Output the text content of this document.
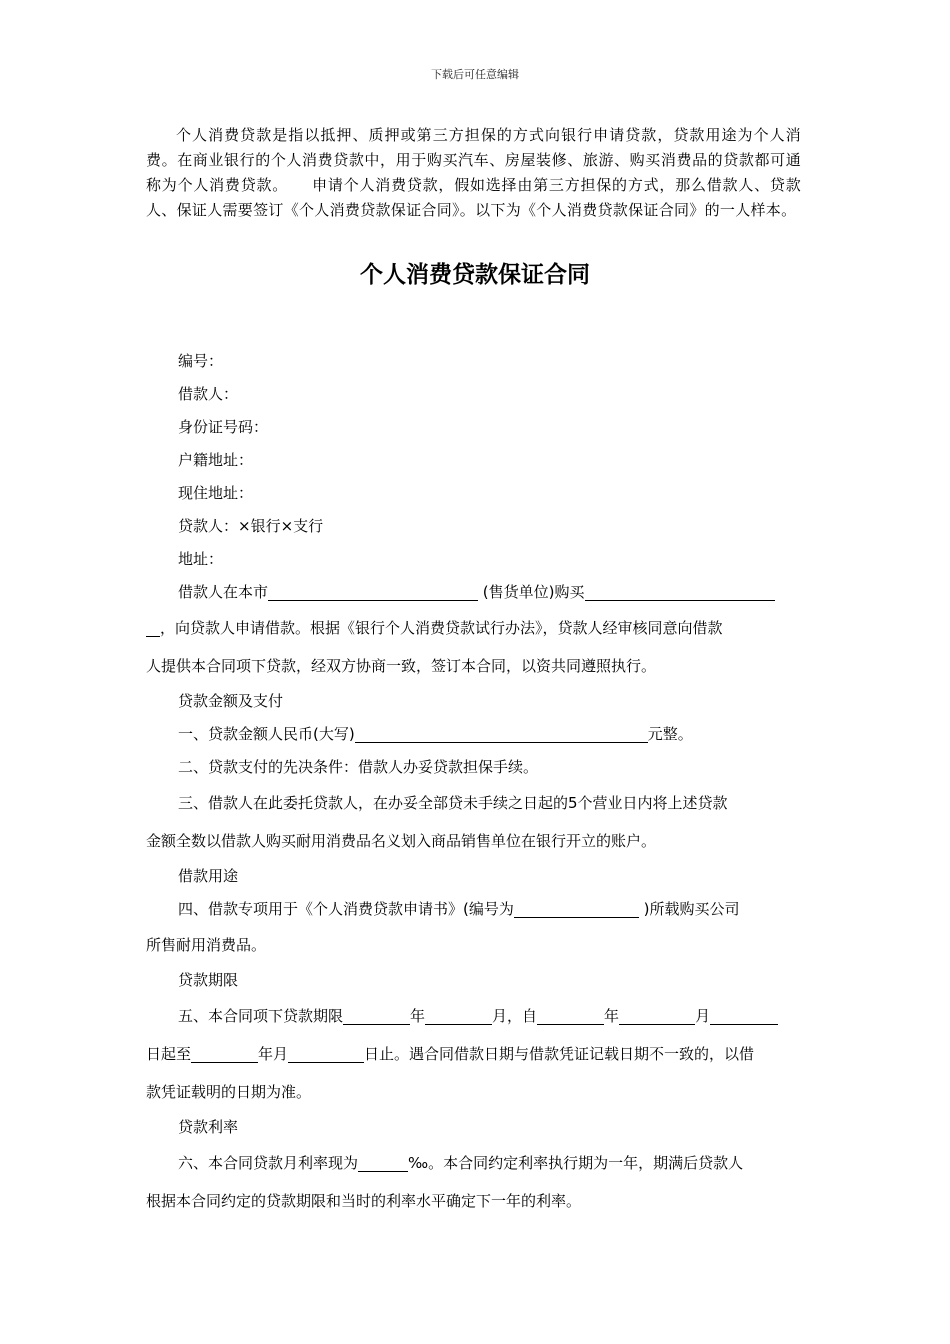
下载后可任意编辑
个人消费贷款是指以抵押、质押或第三方担保的方式向银行申请贷款，贷款用途为个人消费。在商业银行的个人消费贷款中，用于购买汽车、房屋装修、旅游、购买消费品的贷款都可通称为个人消费贷款。　　申请个人消费贷款，假如选择由第三方担保的方式，那么借款人、贷款人、保证人需要签订《个人消费贷款保证合同》。以下为《个人消费贷款保证合同》的一人样本。
个人消费贷款保证合同
编号：
借款人：
身份证号码：
户籍地址：
现住地址：
贷款人：×银行×支行
地址：
借款人在本市	(售货单位)购买
，向贷款人申请借款。根据《银行个人消费贷款试行办法》，贷款人经审核同意向借款
人提供本合同项下贷款，经双方协商一致，签订本合同，以资共同遵照执行。
贷款金额及支付
一、贷款金额人民币(大写)	元整。
二、贷款支付的先决条件：借款人办妥贷款担保手续。
三、借款人在此委托贷款人，在办妥全部贷未手续之日起的5个营业日内将上述贷款
金额全数以借款人购买耐用消费品名义划入商品销售单位在银行开立的账户。
借款用途
四、借款专项用于《个人消费贷款申请书》(编号为	)所载购买公司
所售耐用消费品。
贷款期限
五、本合同项下贷款期限	年	月，自	年	月
日起至	年月	日止。遇合同借款日期与借款凭证记载日期不一致的，以借
款凭证载明的日期为准。
贷款利率
六、本合同贷款月利率现为	‰。本合同约定利率执行期为一年，期满后贷款人
根据本合同约定的贷款期限和当时的利率水平确定下一年的利率。
